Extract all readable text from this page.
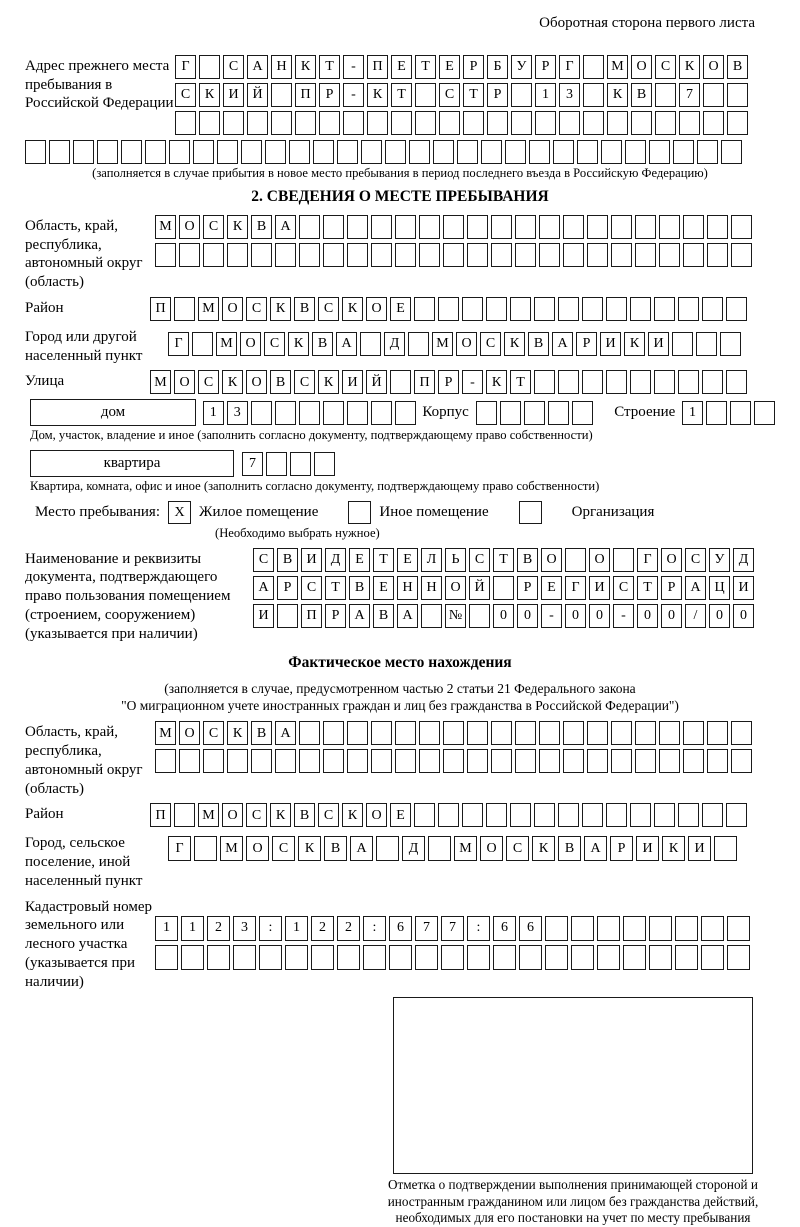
Оборотная сторона первого листа
Адрес прежнего места пребывания в Российской Федерации
Г	С	А Н	К	Т	-	П	Е	Т	Е	Р	Б	У	Р	Г	М О	С	К	О	В
С	К	И Й	П	Р	-	К	Т	С	Т	Р	1	3	К	В	7
(заполняется в случае прибытия в новое место пребывания в период последнего въезда в Российскую Федерацию)
2. СВЕДЕНИЯ О МЕСТЕ ПРЕБЫВАНИЯ
Область, край, республика, автономный округ (область)
М О	С	К	В	А
Район	П	М О	С	К	В	С	К	О	Е
Город или другой населенный пункт
Г	М О	С	К	В	А	Д	М О	С	К	В	А	Р	И	К	И
Улица	М О	С	К	О	В	С	К	И Й	П	Р	-	К	Т
дом	1	3	Корпус	Строение 1
Дом, участок, владение и иное (заполнить согласно документу, подтверждающему право собственности)
квартира	7
Квартира, комната, офис и иное (заполнить согласно документу, подтверждающему право собственности)
Место пребывания:	X Жилое помещение	Иное помещение	Организация
(Необходимо выбрать нужное)
Наименование и реквизиты документа, подтверждающего право пользования помещением (строением, сооружением) (указывается при наличии)
С	В	И	Д	Е	Т	Е	Л	Ь	С	Т	В	О	О	Г	О	С	У	Д
А	Р	С	Т	В	Е	Н Н О Й	Р	Е	Г	И	С	Т	Р	А Ц И
И	П	Р	А	В	А	№	0	0	-	0	0	-	0	0	/	0	0
Фактическое место нахождения
(заполняется в случае, предусмотренном частью 2 статьи 21 Федерального закона
"О миграционном учете иностранных граждан и лиц без гражданства в Российской Федерации")
Область, край, республика, автономный округ (область)
М О	С	К	В	А
Район	П	М О	С	К	В	С	К	О	Е
Город, сельское поселение, иной населенный пункт
Г	М	О	С	К	В	А	Д	М	О	С	К	В	А	Р	И	К	И
Кадастровый номер земельного или лесного участка (указывается при наличии)
1	1	2	3	:	1	2	2	:	6	7	7	:	6	6
Отметка о подтверждении выполнения принимающей стороной и иностранным гражданином или лицом без гражданства действий, необходимых для его постановки на учет по месту пребывания
